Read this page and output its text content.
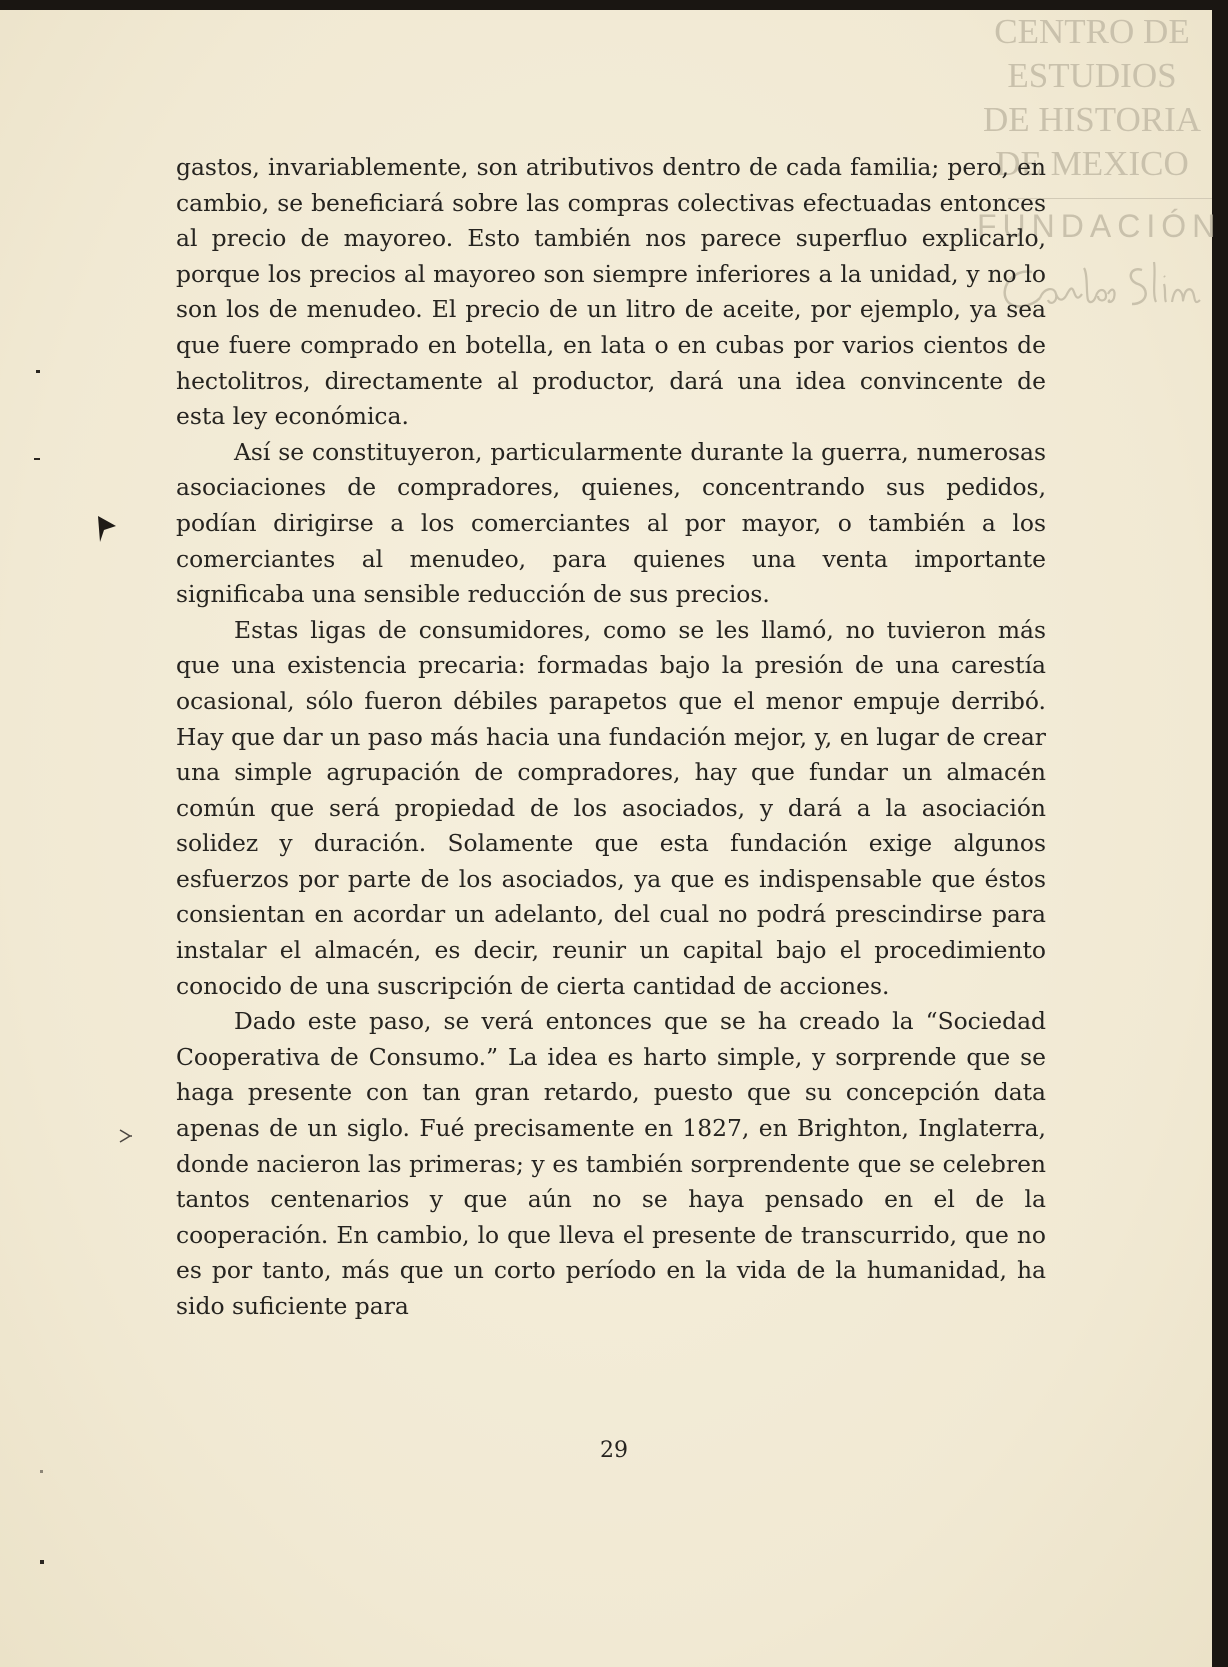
CENTRO DE
ESTUDIOS
DE HISTORIA
DE MEXICO
FUNDACIÓN

gastos, invariablemente, son atributivos dentro de cada familia; pero, en cambio, se beneficiará sobre las compras colectivas efectuadas entonces al precio de mayoreo. Esto también nos parece superfluo explicarlo, porque los precios al mayoreo son siempre inferiores a la unidad, y no lo son los de menudeo. El precio de un litro de aceite, por ejemplo, ya sea que fuere comprado en botella, en lata o en cubas por varios cientos de hectolitros, directamente al productor, dará una idea convincente de esta ley económica.

Así se constituyeron, particularmente durante la guerra, numerosas asociaciones de compradores, quienes, concentrando sus pedidos, podían dirigirse a los comerciantes al por mayor, o también a los comerciantes al menudeo, para quienes una venta importante significaba una sensible reducción de sus precios.

Estas ligas de consumidores, como se les llamó, no tuvieron más que una existencia precaria: formadas bajo la presión de una carestía ocasional, sólo fueron débiles parapetos que el menor empuje derribó. Hay que dar un paso más hacia una fundación mejor, y, en lugar de crear una simple agrupación de compradores, hay que fundar un almacén común que será propiedad de los asociados, y dará a la asociación solidez y duración. Solamente que esta fundación exige algunos esfuerzos por parte de los asociados, ya que es indispensable que éstos consientan en acordar un adelanto, del cual no podrá prescindirse para instalar el almacén, es decir, reunir un capital bajo el procedimiento conocido de una suscripción de cierta cantidad de acciones.

Dado este paso, se verá entonces que se ha creado la “Sociedad Cooperativa de Consumo.” La idea es harto simple, y sorprende que se haga presente con tan gran retardo, puesto que su concepción data apenas de un siglo. Fué precisamente en 1827, en Brighton, Inglaterra, donde nacieron las primeras; y es también sorprendente que se celebren tantos centenarios y que aún no se haya pensado en el de la cooperación. En cambio, lo que lleva el presente de transcurrido, que no es por tanto, más que un corto período en la vida de la humanidad, ha sido suficiente para

29
